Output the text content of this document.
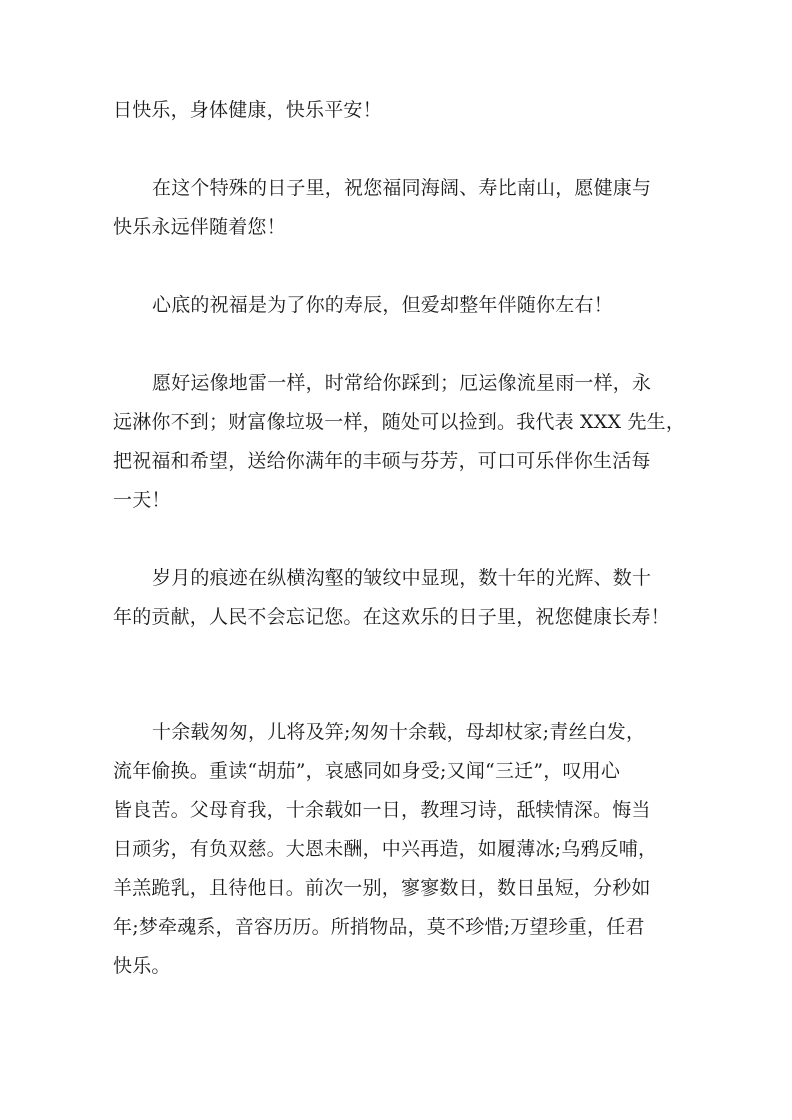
日快乐，身体健康，快乐平安！
在这个特殊的日子里，祝您福同海阔、寿比南山，愿健康与
快乐永远伴随着您！
心底的祝福是为了你的寿辰，但爱却整年伴随你左右！
愿好运像地雷一样，时常给你踩到；厄运像流星雨一样，永
远淋你不到；财富像垃圾一样，随处可以捡到。我代表 XXX 先生，
把祝福和希望，送给你满年的丰硕与芬芳，可口可乐伴你生活每
一天！
岁月的痕迹在纵横沟壑的皱纹中显现，数十年的光辉、数十
年的贡献，人民不会忘记您。在这欢乐的日子里，祝您健康长寿！
十余载匆匆，儿将及笄;匆匆十余载，母却杖家;青丝白发，
流年偷换。重读“胡茄”，哀感同如身受;又闻“三迁”，叹用心
皆良苦。父母育我，十余载如一日，教理习诗，舐犊情深。悔当
日顽劣，有负双慈。大恩未酬，中兴再造，如履薄冰;乌鸦反哺，
羊羔跪乳，且待他日。前次一别，寥寥数日，数日虽短，分秒如
年;梦牵魂系，音容历历。所捎物品，莫不珍惜;万望珍重，任君
快乐。
